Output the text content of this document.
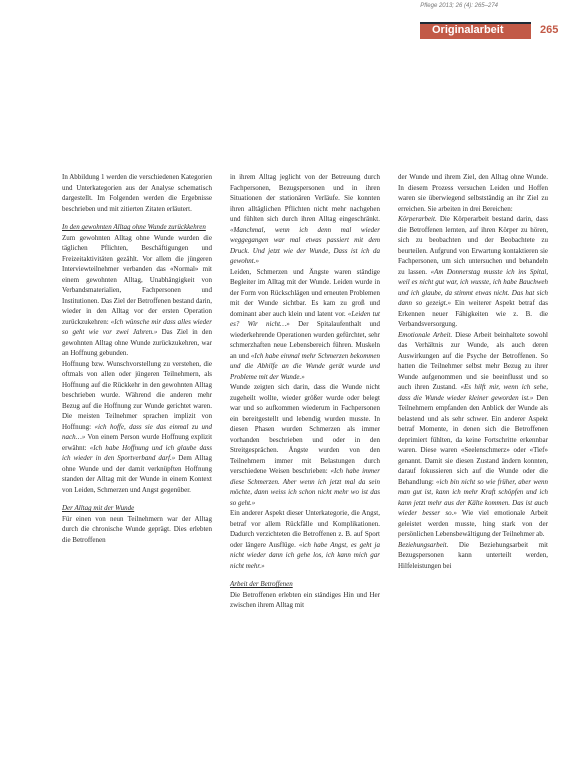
Pflege 2013; 26 (4): 265–274
Originalarbeit	265

In Abbildung 1 werden die verschiedenen Kategorien und Unterkategorien aus der Analyse schematisch dargestellt. Im Folgenden werden die Ergebnisse beschrieben und mit zitierten Zitaten erläutert.

In den gewohnten Alltag ohne Wunde zurückkehren

Zum gewohnten Alltag ohne Wunde wurden die täglichen Pflichten, Beschäftigungen und Freizeitaktivitäten gezählt. Vor allem die jüngeren Interviewteilnehmer verbanden das «Normal» mit einem gewohnten Alltag, Unabhängigkeit von Verbandsmaterialien, Fachpersonen und Institutionen. Das Ziel der Betroffenen bestand darin, wieder in den Alltag vor der ersten Operation zurückzukehren: «Ich wünsche mir dass alles wieder so geht wie vor zwei Jahren.» Das Ziel in den gewohnten Alltag ohne Wunde zurückzukehren, war an Hoffnung gebunden.

Hoffnung bzw. Wunschvorstellung zu verstehen, die oftmals von allen oder jüngeren Teilnehmern, als Hoffnung auf die Rückkehr in den gewohnten Alltag beschrieben wurde. Während die anderen mehr Bezug auf die Hoffnung zur Wunde gerichtet waren. Die meisten Teilnehmer sprachen implizit von Hoffnung: «ich hoffe, dass sie das einmal zu und nach…» Von einem Person wurde Hoffnung explizit erwähnt: «Ich habe Hoffnung und ich glaube dass ich wieder in den Sportverband darf.» Dem Alltag ohne Wunde und der damit verknüpften Hoffnung standen der Alltag mit der Wunde in einem Kontext von Leiden, Schmerzen und Angst gegenüber.

Der Alltag mit der Wunde

Für einen von neun Teilnehmern war der Alltag durch die chronische Wunde geprägt. Dies erlebten die Betroffenen

in ihrem Alltag jeglicht von der Betreuung durch Fachpersonen, Bezugspersonen und in ihren Situationen der stationären Verläufe. Sie konnten ihren alltäglichen Pflichten nicht mehr nachgehen und fühlten sich durch ihren Alltag eingeschränkt. «Manchmal, wenn ich denn mal wieder weggegangen war mal etwas passiert mit dem Druck. Und jetzt wie der Wunde, Dass ist ich da gewohnt.»

Leiden, Schmerzen und Ängste waren ständige Begleiter im Alltag mit der Wunde. Leiden wurde in der Form von Rückschlägen und erneuten Problemen mit der Wunde sichtbar. Es kam zu groß und dominant aber auch klein und latent vor. «Leiden tut es? Wir nicht…» Der Spitalaufenthalt und wiederkehrende Operationen wurden gefürchtet, sehr schmerzhaften neue Lebensbereich führen. Muskeln an und «Ich habe einmal mehr Schmerzen bekommen und die Abhilfe an die Wunde gerät wurde und Probleme mit der Wunde.»

Wunde zeigten sich darin, dass die Wunde nicht zugeheilt wollte, wieder größer wurde oder belegt war und so aufkommen wiederum in Fachpersonen ein bereitgestellt und lebendig wurden musste. In diesen Phasen wurden Schmerzen als immer vorhanden beschrieben und oder in den Streitgesprächen. Ängste wurden von den Teilnehmern immer mit Belastungen durch verschiedene Weisen beschrieben: «Ich habe immer diese Schmerzen. Aber wenn ich jetzt mal da sein möchte, dann weiss ich schon nicht mehr wo ist das so geht.»

Ein anderer Aspekt dieser Unterkategorie, die Angst, betraf vor allem Rückfälle und Komplikationen. Dadurch verzichteten die Betroffenen z. B. auf Sport oder längere Ausflüge. «ich habe Angst, es geht ja nicht wieder dann ich gehe los, ich kann mich gar nicht mehr.»

Arbeit der Betroffenen

Die Betroffenen erlebten ein ständiges Hin und Her zwischen ihrem Alltag mit

der Wunde und ihrem Ziel, den Alltag ohne Wunde. In diesem Prozess versuchen Leiden und Hoffen waren sie überwiegend selbstständig an ihr Ziel zu erreichen. Sie arbeiten in drei Bereichen:

Körperarbeit. Die Körperarbeit bestand darin, dass die Betroffenen lernten, auf ihren Körper zu hören, sich zu beobachten und der Beobachtete zu beurteilen. Aufgrund von Erwartung kontaktieren sie Fachpersonen, um sich untersuchen und behandeln zu lassen. «Am Donnerstag musste ich ins Spital, weil es nicht gut war, ich wusste, ich habe Bauchweh und ich glaube, da stimmt etwas nicht. Das hat sich dann so gezeigt.» Ein weiterer Aspekt betraf das Erkennen neuer Fähigkeiten wie z. B. die Verbandsversorgung.

Emotionale Arbeit. Diese Arbeit beinhaltete sowohl das Verhältnis zur Wunde, als auch deren Auswirkungen auf die Psyche der Betroffenen. So hatten die Teilnehmer selbst mehr Bezug zu ihrer Wunde aufgenommen und sie beeinflusst und so auch ihren Zustand. «Es hilft mir, wenn ich sehe, dass die Wunde wieder kleiner geworden ist.» Den Teilnehmern empfanden den Anblick der Wunde als belastend und als sehr schwer. Ein anderer Aspekt betraf Momente, in denen sich die Betroffenen deprimiert fühlten, da keine Fortschritte erkennbar waren. Diese waren «Seelenschmerz» oder «Tief» genannt. Damit sie diesen Zustand ändern konnten, darauf fokussieren sich auf die Wunde oder die Behandlung: «ich bin nicht so wie früher, aber wenn man gut ist, kann ich mehr Kraft schöpfen und ich kann jetzt mehr aus der Kälte kommen. Das ist auch wieder besser so.» Wie viel emotionale Arbeit geleistet werden musste, hing stark von der persönlichen Lebensbewältigung der Teilnehmer ab.

Beziehungsarbeit. Die Beziehungsarbeit mit Bezugspersonen kann unterteilt werden, Hilfeleistungen bei
